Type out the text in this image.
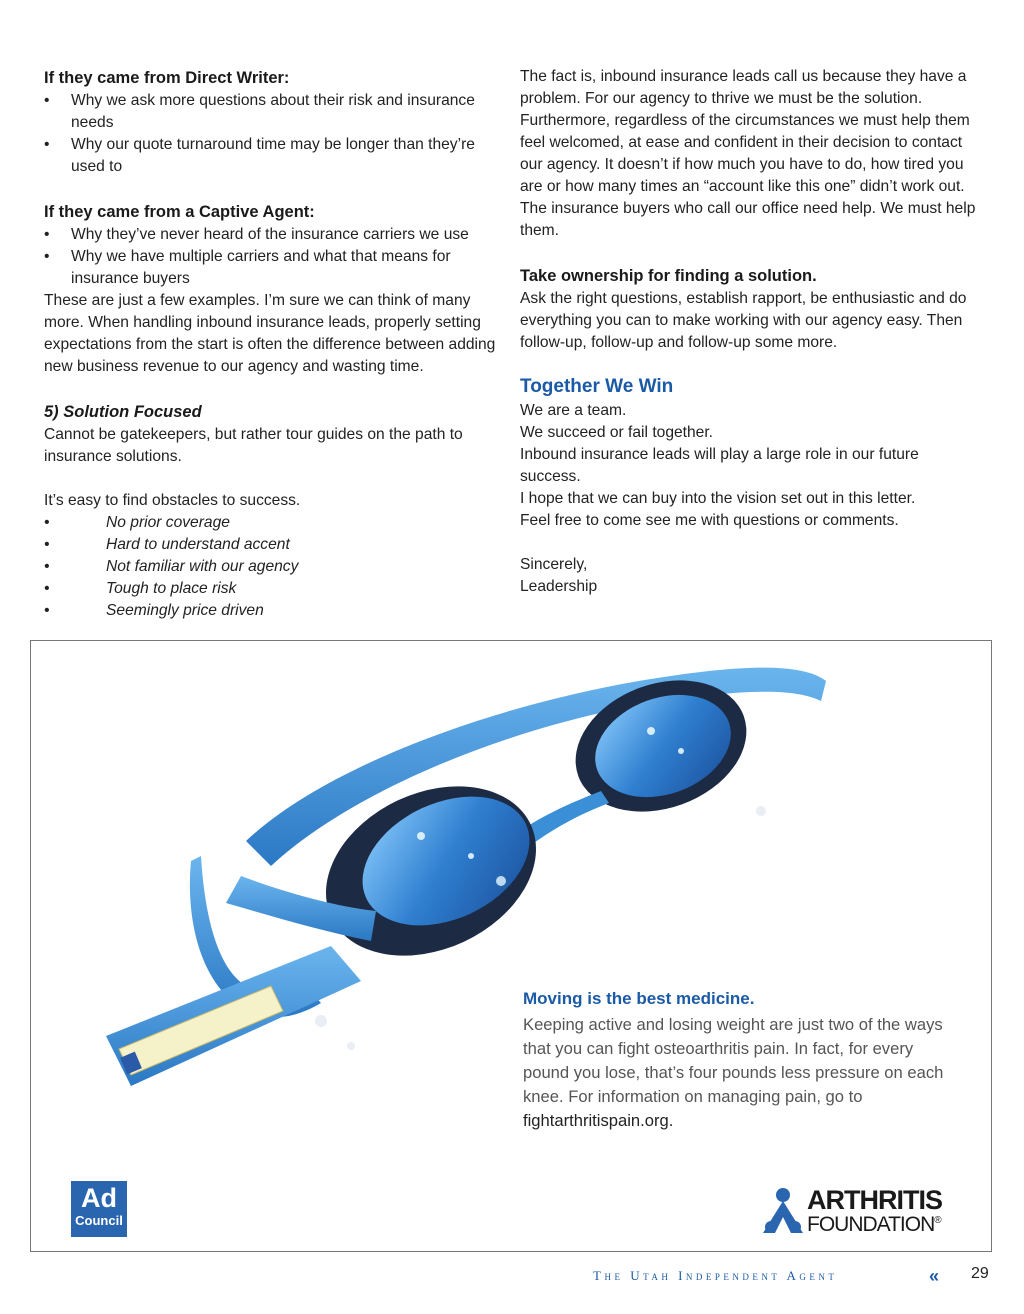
If they came from Direct Writer:
• Why we ask more questions about their risk and insurance needs
• Why our quote turnaround time may be longer than they’re used to
If they came from a Captive Agent:
• Why they’ve never heard of the insurance carriers we use
• Why we have multiple carriers and what that means for insurance buyers

These are just a few examples. I’m sure we can think of many more. When handling inbound insurance leads, properly setting expectations from the start is often the difference between adding new business revenue to our agency and wasting time.

5) Solution Focused

Cannot be gatekeepers, but rather tour guides on the path to insurance solutions.

It’s easy to find obstacles to success.

• No prior coverage
• Hard to understand accent
• Not familiar with our agency
• Tough to place risk
• Seemingly price driven

The fact is, inbound insurance leads call us because they have a problem. For our agency to thrive we must be the solution. Furthermore, regardless of the circumstances we must help them feel welcomed, at ease and confident in their decision to contact our agency. It doesn’t if how much you have to do, how tired you are or how many times an “account like this one” didn’t work out. The insurance buyers who call our office need help. We must help them.

Take ownership for finding a solution.

Ask the right questions, establish rapport, be enthusiastic and do everything you can to make working with our agency easy. Then follow-up, follow-up and follow-up some more.

Together We Win

We are a team.

We succeed or fail together.

Inbound insurance leads will play a large role in our future success.

I hope that we can buy into the vision set out in this letter.

Feel free to come see me with questions or comments.

Sincerely,

Leadership

Moving is the best medicine.
Keeping active and losing weight are just two of the ways that you can fight osteoarthritis pain. In fact, for every pound you lose, that’s four pounds less pressure on each knee. For information on managing pain, go to fightarthritispain.org.
Ad
Council
ARTHRITIS
FOUNDATION®
The Utah Independent Agent	« 29
